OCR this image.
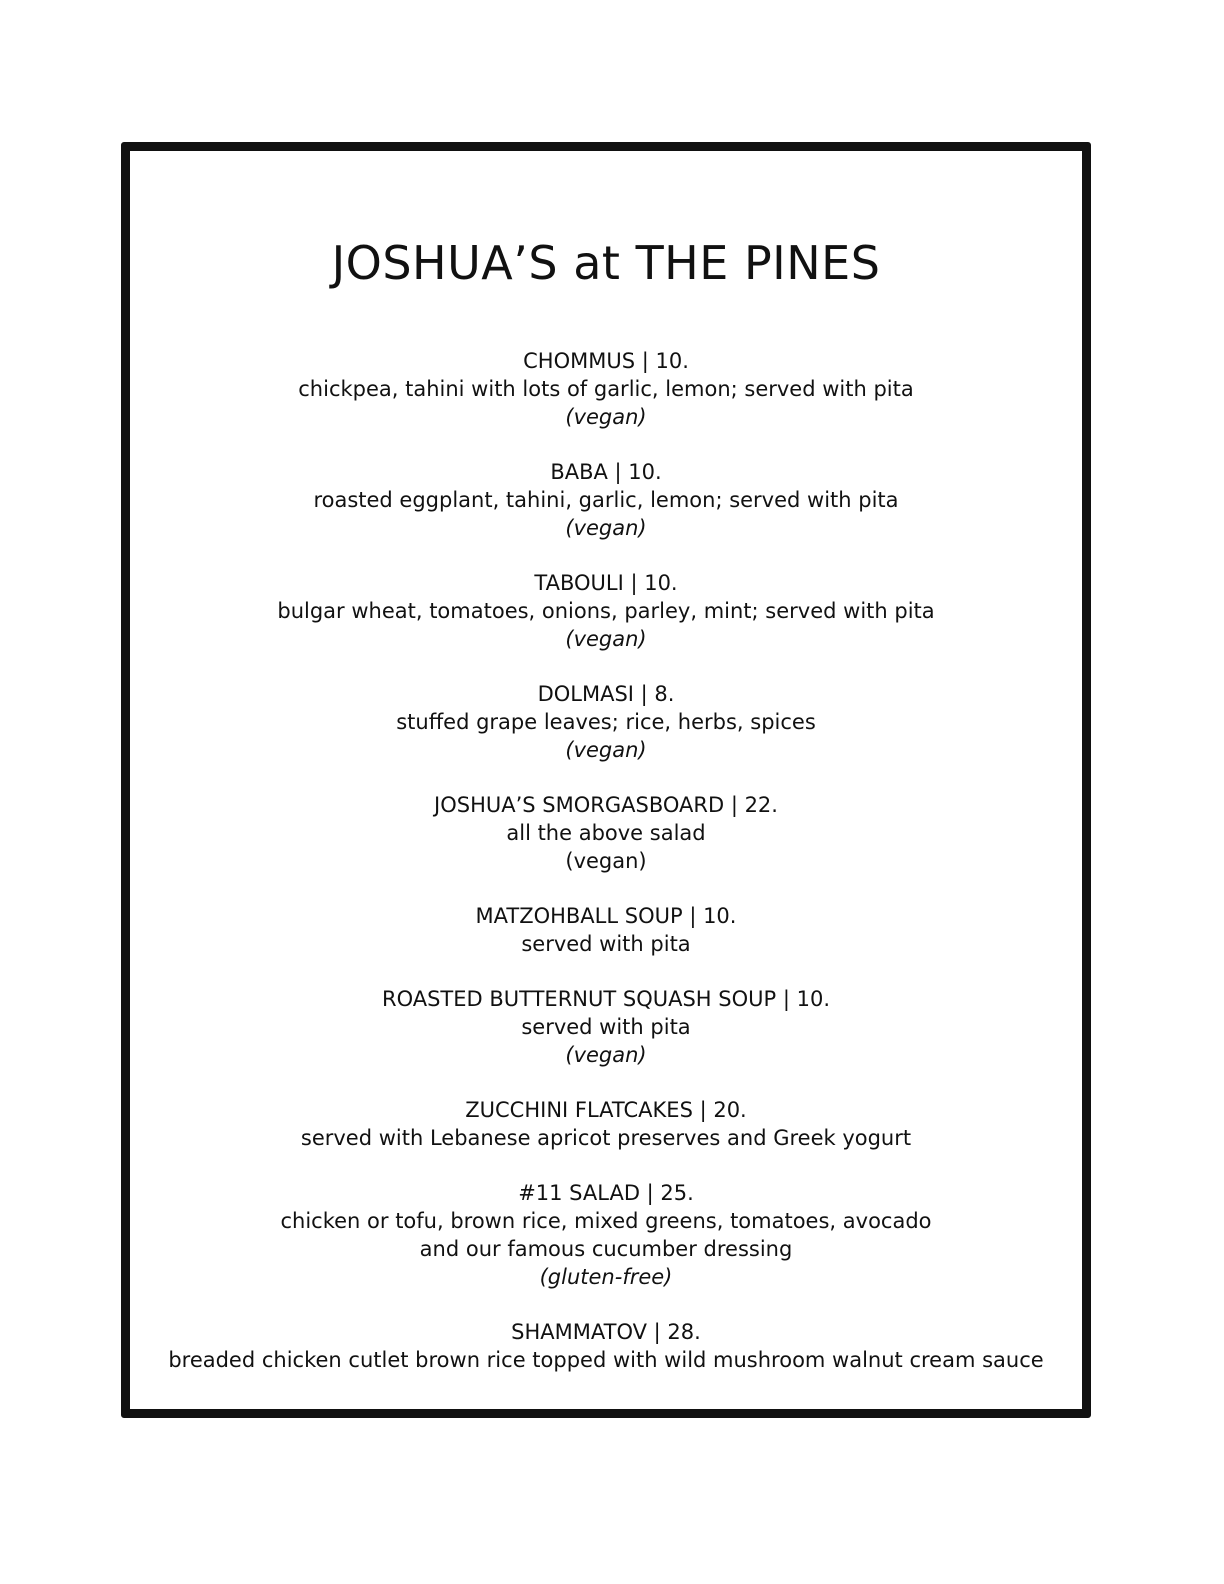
JOSHUA’S at THE PINES
CHOMMUS | 10.
chickpea, tahini with lots of garlic, lemon; served with pita
(vegan)
BABA | 10.
roasted eggplant, tahini, garlic, lemon; served with pita
(vegan)
TABOULI | 10.
bulgar wheat, tomatoes, onions, parley, mint; served with pita
(vegan)
DOLMASI | 8.
stuffed grape leaves; rice, herbs, spices
(vegan)
JOSHUA’S SMORGASBOARD | 22.
all the above salad
(vegan)
MATZOHBALL SOUP | 10.
served with pita
ROASTED BUTTERNUT SQUASH SOUP | 10.
served with pita
(vegan)
ZUCCHINI FLATCAKES | 20.
served with Lebanese apricot preserves and Greek yogurt
#11 SALAD | 25.
chicken or tofu, brown rice, mixed greens, tomatoes, avocado
and our famous cucumber dressing
(gluten-free)
SHAMMATOV | 28.
breaded chicken cutlet brown rice topped with wild mushroom walnut cream sauce
